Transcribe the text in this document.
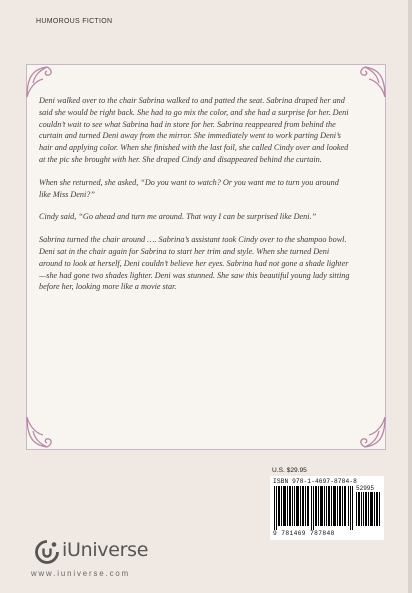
HUMOROUS FICTION

Deni walked over to the chair Sabrina walked to and patted the seat. Sabrina draped her and said she would be right back. She had to go mix the color, and she had a surprise for her. Deni couldn’t wait to see what Sabrina had in store for her. Sabrina reappeared from behind the curtain and turned Deni away from the mirror. She immediately went to work parting Deni’s hair and applying color. When she finished with the last foil, she called Cindy over and looked at the pic she brought with her. She draped Cindy and disappeared behind the curtain.

When she returned, she asked, “Do you want to watch? Or you want me to turn you around like Miss Deni?”

Cindy said, “Go ahead and turn me around. That way I can be surprised like Deni.”

Sabrina turned the chair around …. Sabrina’s assistant took Cindy over to the shampoo bowl. Deni sat in the chair again for Sabrina to start her trim and style. When she turned Deni around to look at herself, Deni couldn’t believe her eyes. Sabrina had not gone a shade lighter—she had gone two shades lighter. Deni was stunned. She saw this beautiful young lady sitting before her, looking more like a movie star.

U.S. $29.95
ISBN 978-1-4697-8784-8
52995
9 781469 787848
iUniverse
www.iuniverse.com
